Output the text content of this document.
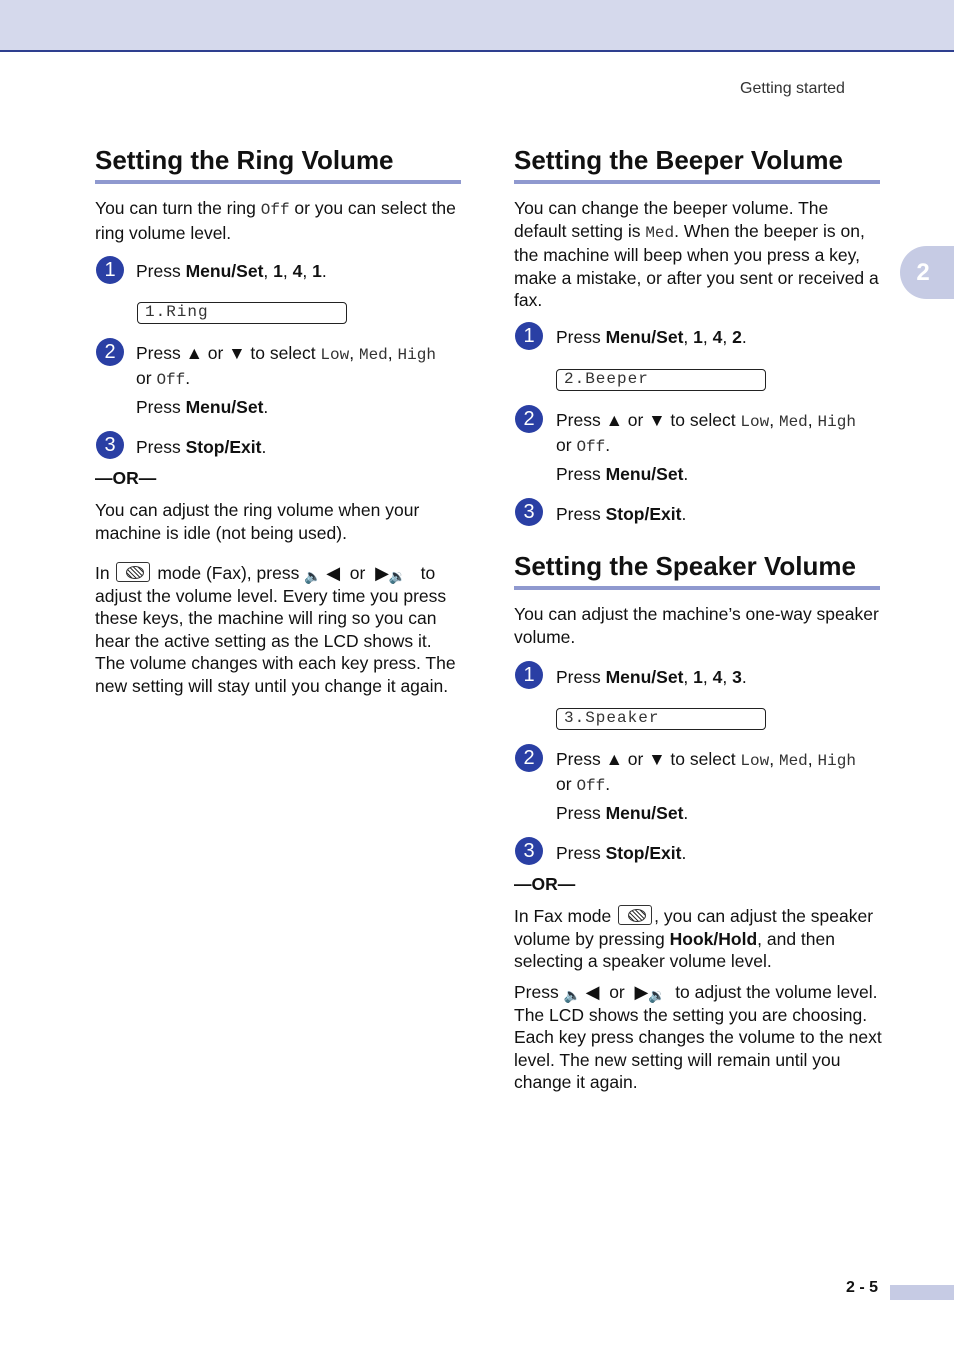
Getting started
2
Setting the Ring Volume
You can turn the ring Off or you can select the ring volume level.
1	Press Menu/Set, 1, 4, 1.
1.Ring
2	Press ▲ or ▼ to select Low, Med, High
or Off.
Press Menu/Set.
3	Press Stop/Exit.
—OR—
You can adjust the ring volume when your machine is idle (not being used).
In  mode (Fax), press 🔈 ◀ or ▶🔉 to
adjust the volume level. Every time you press these keys, the machine will ring so you can hear the active setting as the LCD shows it. The volume changes with each key press. The new setting will stay until you change it again.
Setting the Beeper Volume
You can change the beeper volume. The default setting is Med. When the beeper is on, the machine will beep when you press a key, make a mistake, or after you sent or received a fax.
1	Press Menu/Set, 1, 4, 2.
2.Beeper
2	Press ▲ or ▼ to select Low, Med, High
or Off.
Press Menu/Set.
3	Press Stop/Exit.
Setting the Speaker Volume
You can adjust the machine’s one-way speaker volume.
1	Press Menu/Set, 1, 4, 3.
3.Speaker
2	Press ▲ or ▼ to select Low, Med, High
or Off.
Press Menu/Set.
3	Press Stop/Exit.
—OR—
In Fax mode , you can adjust the speaker volume by pressing Hook/Hold, and then selecting a speaker volume level.
Press 🔈 ◀ or ▶🔉 to adjust the volume level. The LCD shows the setting you are choosing. Each key press changes the volume to the next level. The new setting will remain until you change it again.
2 - 5
